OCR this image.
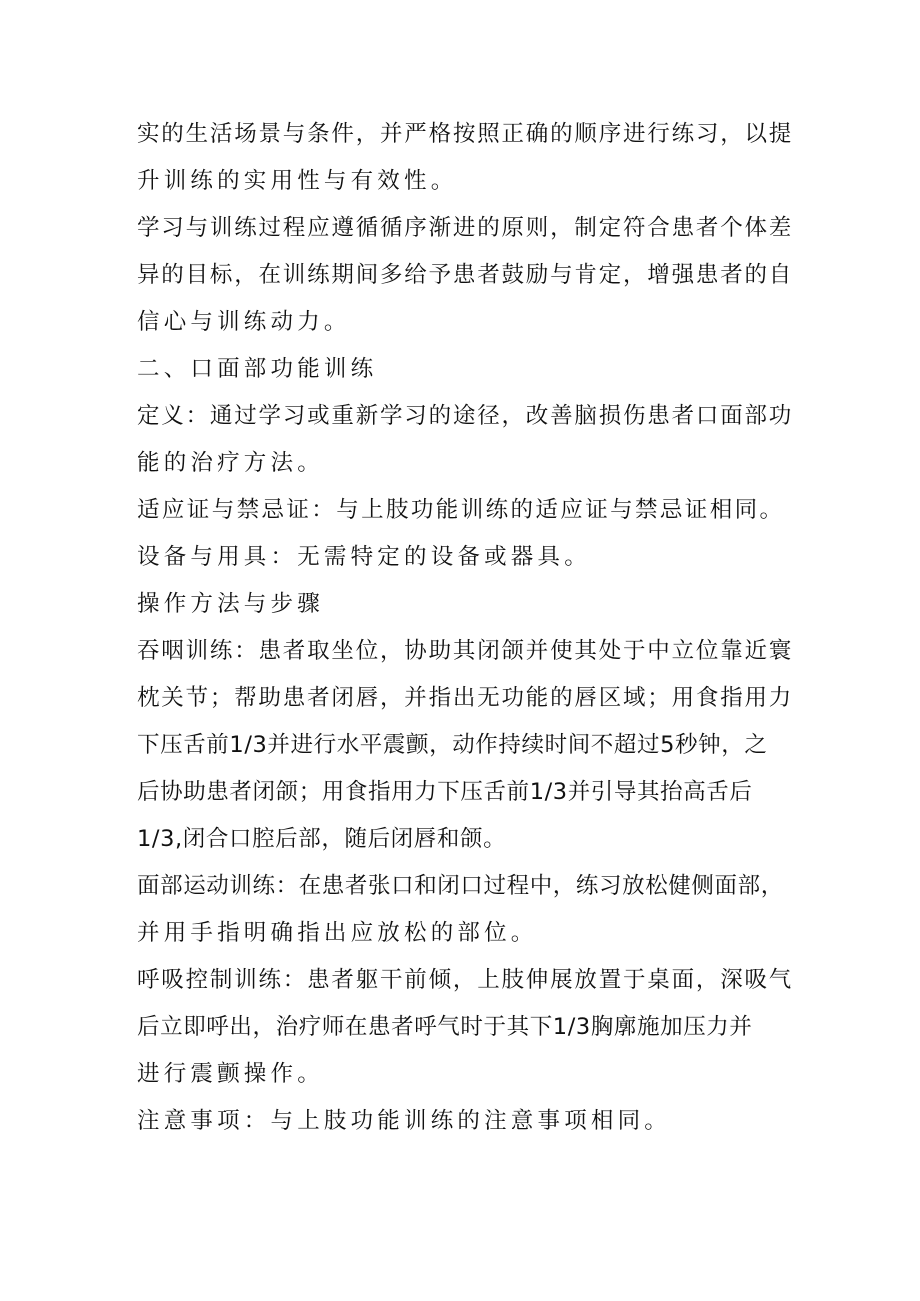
实的生活场景与条件，并严格按照正确的顺序进行练习，以提

升训练的实用性与有效性。

学习与训练过程应遵循循序渐进的原则，制定符合患者个体差

异的目标，在训练期间多给予患者鼓励与肯定，增强患者的自

信心与训练动力。

二、口面部功能训练

定义：通过学习或重新学习的途径，改善脑损伤患者口面部功

能的治疗方法。

适应证与禁忌证：与上肢功能训练的适应证与禁忌证相同。

设备与用具：无需特定的设备或器具。

操作方法与步骤

吞咽训练：患者取坐位，协助其闭颌并使其处于中立位靠近寰

枕关节；帮助患者闭唇，并指出无功能的唇区域；用食指用力

下压舌前1/3并进行水平震颤，动作持续时间不超过5秒钟，之

后协助患者闭颌；用食指用力下压舌前1/3并引导其抬高舌后

1/3,闭合口腔后部，随后闭唇和颌。

面部运动训练：在患者张口和闭口过程中，练习放松健侧面部，

并用手指明确指出应放松的部位。

呼吸控制训练：患者躯干前倾，上肢伸展放置于桌面，深吸气

后立即呼出，治疗师在患者呼气时于其下1/3胸廓施加压力并

进行震颤操作。

注意事项：与上肢功能训练的注意事项相同。
